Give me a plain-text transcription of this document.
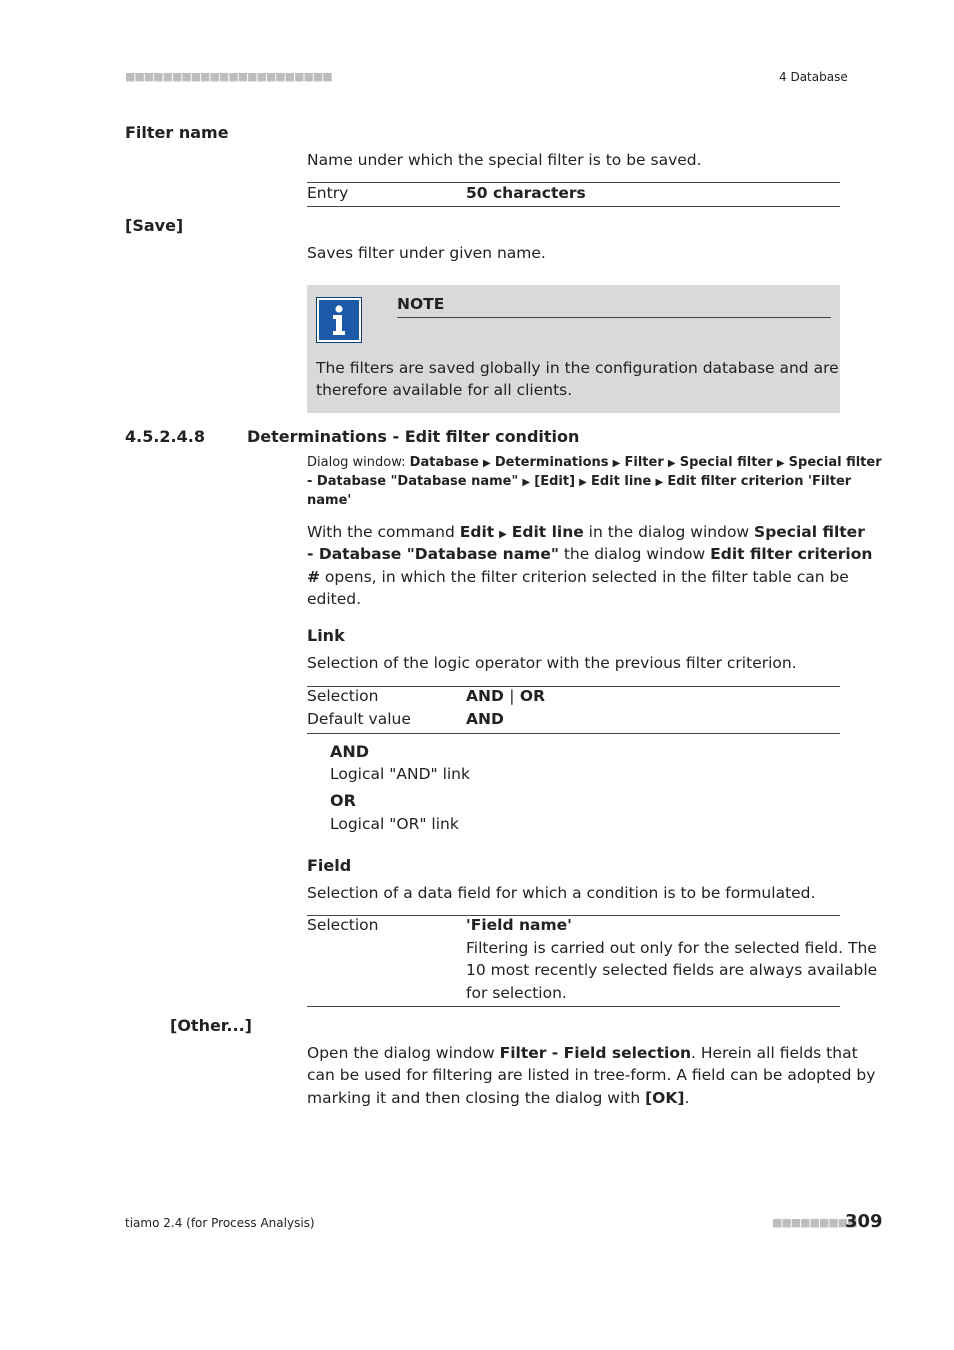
■■■■■■■■■■■■■■■■■■■■■■	4 Database
Filter name
Name under which the special filter is to be saved.
Entry	50 characters
[Save]
Saves filter under given name.
NOTE
The filters are saved globally in the configuration database and are
therefore available for all clients.
4.5.2.4.8	Determinations - Edit filter condition
Dialog window: Database ▶ Determinations ▶ Filter ▶ Special filter ▶ Special filter
- Database "Database name" ▶ [Edit] ▶ Edit line ▶ Edit filter criterion 'Filter
name'
With the command Edit ▶ Edit line in the dialog window Special filter
- Database "Database name" the dialog window Edit filter criterion
# opens, in which the filter criterion selected in the filter table can be
edited.
Link
Selection of the logic operator with the previous filter criterion.
Selection	AND | OR
Default value	AND
AND
Logical "AND" link
OR
Logical "OR" link
Field
Selection of a data field for which a condition is to be formulated.
Selection	'Field name'
Filtering is carried out only for the selected field. The
10 most recently selected fields are always available
for selection.
[Other...]
Open the dialog window Filter - Field selection. Herein all fields that
can be used for filtering are listed in tree-form. A field can be adopted by
marking it and then closing the dialog with [OK].
tiamo 2.4 (for Process Analysis)	■■■■■■■■■
309
